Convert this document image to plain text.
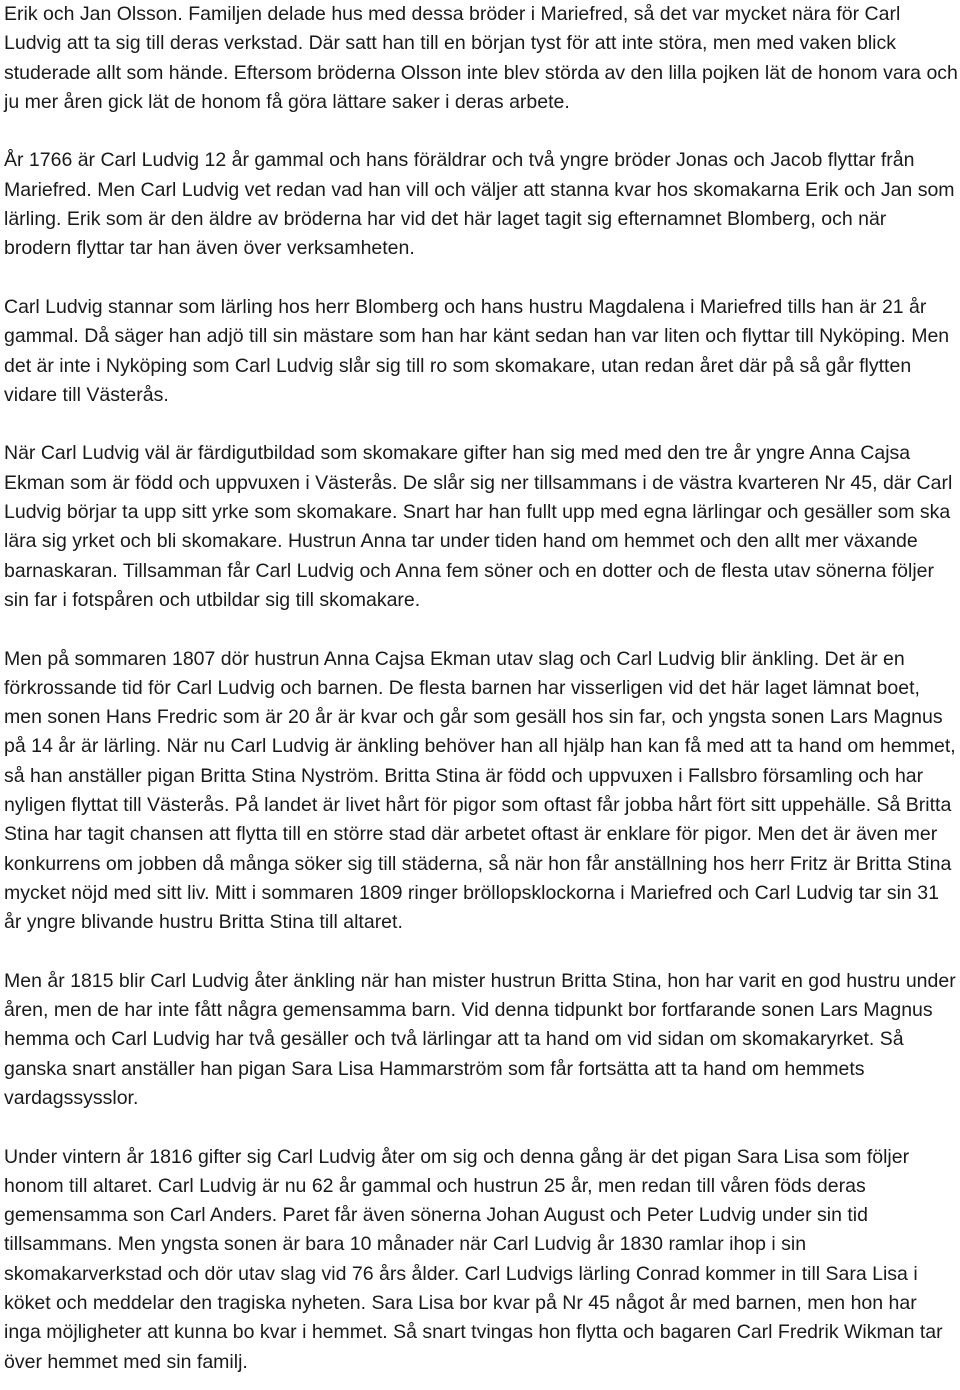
Erik och Jan Olsson. Familjen delade hus med dessa bröder i Mariefred, så det var mycket nära för Carl Ludvig att ta sig till deras verkstad. Där satt han till en början tyst för att inte störa, men med vaken blick studerade allt som hände. Eftersom bröderna Olsson inte blev störda av den lilla pojken lät de honom vara och ju mer åren gick lät de honom få göra lättare saker i deras arbete.

År 1766 är Carl Ludvig 12 år gammal och hans föräldrar och två yngre bröder Jonas och Jacob flyttar från Mariefred. Men Carl Ludvig vet redan vad han vill och väljer att stanna kvar hos skomakarna Erik och Jan som lärling. Erik som är den äldre av bröderna har vid det här laget tagit sig efternamnet Blomberg, och när brodern flyttar tar han även över verksamheten.

Carl Ludvig stannar som lärling hos herr Blomberg och hans hustru Magdalena i Mariefred tills han är 21 år gammal. Då säger han adjö till sin mästare som han har känt sedan han var liten och flyttar till Nyköping. Men det är inte i Nyköping som Carl Ludvig slår sig till ro som skomakare, utan redan året där på så går flytten vidare till Västerås.

När Carl Ludvig väl är färdigutbildad som skomakare gifter han sig med med den tre år yngre Anna Cajsa Ekman som är född och uppvuxen i Västerås. De slår sig ner tillsammans i de västra kvarteren Nr 45, där Carl Ludvig börjar ta upp sitt yrke som skomakare. Snart har han fullt upp med egna lärlingar och gesäller som ska lära sig yrket och bli skomakare. Hustrun Anna tar under tiden hand om hemmet och den allt mer växande barnaskaran. Tillsamman får Carl Ludvig och Anna fem söner och en dotter och de flesta utav sönerna följer sin far i fotspåren och utbildar sig till skomakare.

Men på sommaren 1807 dör hustrun Anna Cajsa Ekman utav slag och Carl Ludvig blir änkling. Det är en förkrossande tid för Carl Ludvig och barnen. De flesta barnen har visserligen vid det här laget lämnat boet, men sonen Hans Fredric som är 20 år är kvar och går som gesäll hos sin far, och yngsta sonen Lars Magnus på 14 år är lärling. När nu Carl Ludvig är änkling behöver han all hjälp han kan få med att ta hand om hemmet, så han anställer pigan Britta Stina Nyström. Britta Stina är född och uppvuxen i Fallsbro församling och har nyligen flyttat till Västerås. På landet är livet hårt för pigor som oftast får jobba hårt fört sitt uppehälle. Så Britta Stina har tagit chansen att flytta till en större stad där arbetet oftast är enklare för pigor. Men det är även mer konkurrens om jobben då många söker sig till städerna, så när hon får anställning hos herr Fritz är Britta Stina mycket nöjd med sitt liv. Mitt i sommaren 1809 ringer bröllopsklockorna i Mariefred och Carl Ludvig tar sin 31 år yngre blivande hustru Britta Stina till altaret.

Men år 1815 blir Carl Ludvig åter änkling när han mister hustrun Britta Stina, hon har varit en god hustru under åren, men de har inte fått några gemensamma barn. Vid denna tidpunkt bor fortfarande sonen Lars Magnus hemma och Carl Ludvig har två gesäller och två lärlingar att ta hand om vid sidan om skomakaryrket. Så ganska snart anställer han pigan Sara Lisa Hammarström som får fortsätta att ta hand om hemmets vardagssysslor.

Under vintern år 1816 gifter sig Carl Ludvig åter om sig och denna gång är det pigan Sara Lisa som följer honom till altaret. Carl Ludvig är nu 62 år gammal och hustrun 25 år, men redan till våren föds deras gemensamma son Carl Anders. Paret får även sönerna Johan August och Peter Ludvig under sin tid tillsammans. Men yngsta sonen är bara 10 månader när Carl Ludvig år 1830 ramlar ihop i sin skomakarverkstad och dör utav slag vid 76 års ålder. Carl Ludvigs lärling Conrad kommer in till Sara Lisa i köket och meddelar den tragiska nyheten. Sara Lisa bor kvar på Nr 45 något år med barnen, men hon har inga möjligheter att kunna bo kvar i hemmet. Så snart tvingas hon flytta och bagaren Carl Fredrik Wikman tar över hemmet med sin familj.
